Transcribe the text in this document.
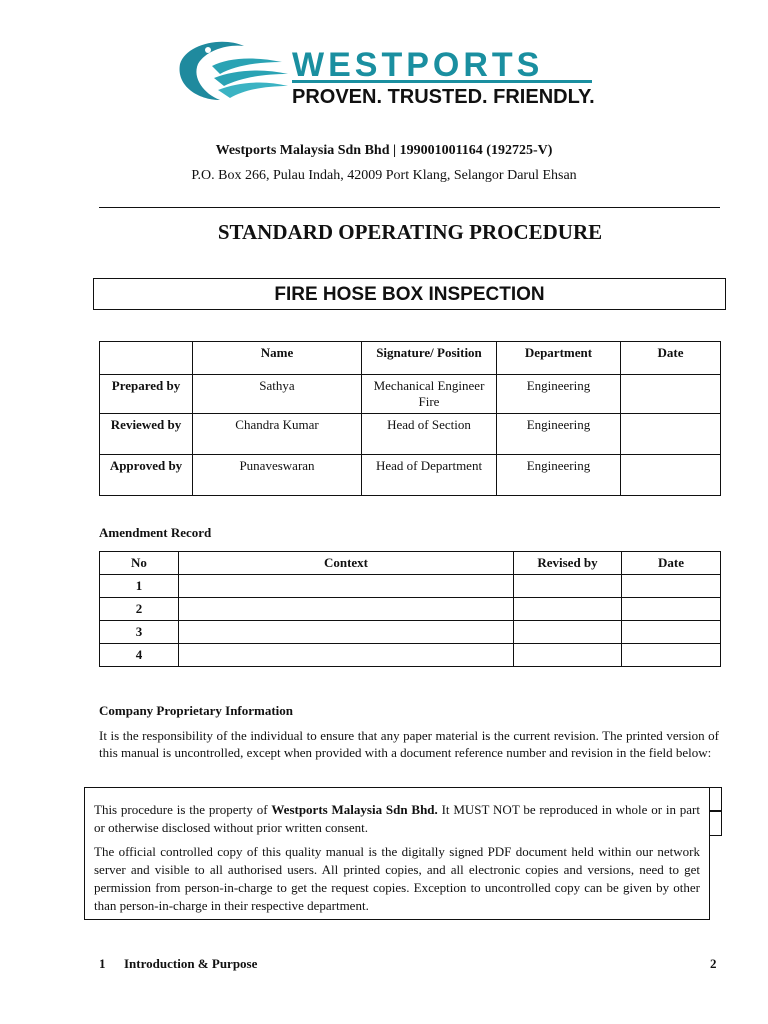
WESTPORTS
PROVEN. TRUSTED. FRIENDLY.
Westports Malaysia Sdn Bhd | 199001001164 (192725-V)
P.O. Box 266, Pulau Indah, 42009 Port Klang, Selangor Darul Ehsan
STANDARD OPERATING PROCEDURE
FIRE HOSE BOX INSPECTION
	Name	Signature/ Position	Department	Date
Prepared by	Sathya	Mechanical Engineer Fire	Engineering	
Reviewed by	Chandra Kumar	Head of Section	Engineering	
Approved by	Punaveswaran	Head of Department	Engineering	
Amendment Record
No	Context	Revised by	Date
1			
2			
3			
4			
Company Proprietary Information
It is the responsibility of the individual to ensure that any paper material is the current revision. The printed version of this manual is uncontrolled, except when provided with a document reference number and revision in the field below:

This procedure is the property of Westports Malaysia Sdn Bhd. It MUST NOT be reproduced in whole or in part or otherwise disclosed without prior written consent.

The official controlled copy of this quality manual is the digitally signed PDF document held within our network server and visible to all authorised users. All printed copies, and all electronic copies and versions, need to get permission from person-in-charge to get the request copies. Exception to uncontrolled copy can be given by other than person-in-charge in their respective department.

1 Introduction & Purpose	2
